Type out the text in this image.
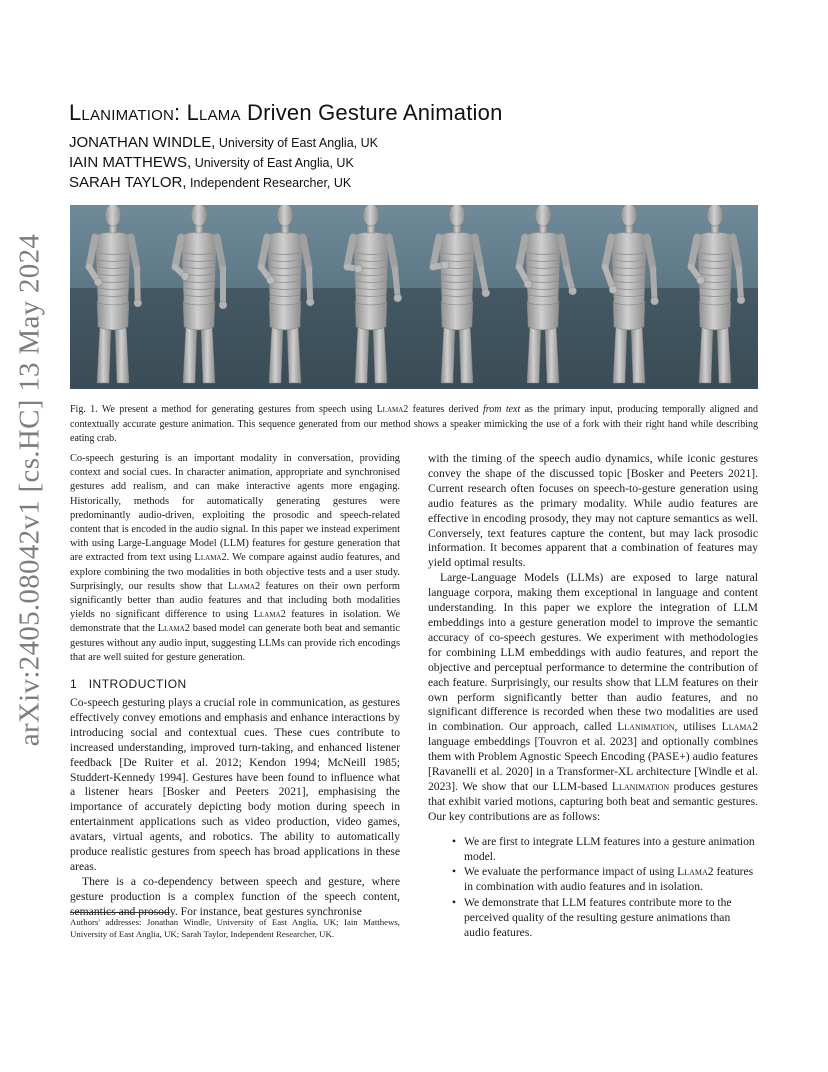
arXiv:2405.08042v1 [cs.HC] 13 May 2024
Llanimation: Llama Driven Gesture Animation
JONATHAN WINDLE, University of East Anglia, UK
IAIN MATTHEWS, University of East Anglia, UK
SARAH TAYLOR, Independent Researcher, UK
Fig. 1. We present a method for generating gestures from speech using Llama2 features derived from text as the primary input, producing temporally aligned and contextually accurate gesture animation. This sequence generated from our method shows a speaker mimicking the use of a fork with their right hand while describing eating crab.

Co-speech gesturing is an important modality in conversation, providing context and social cues. In character animation, appropriate and synchronised gestures add realism, and can make interactive agents more engaging. Historically, methods for automatically generating gestures were predominantly audio-driven, exploiting the prosodic and speech-related content that is encoded in the audio signal. In this paper we instead experiment with using Large-Language Model (LLM) features for gesture generation that are extracted from text using Llama2. We compare against audio features, and explore combining the two modalities in both objective tests and a user study. Surprisingly, our results show that Llama2 features on their own perform significantly better than audio features and that including both modalities yields no significant difference to using Llama2 features in isolation. We demonstrate that the Llama2 based model can generate both beat and semantic gestures without any audio input, suggesting LLMs can provide rich encodings that are well suited for gesture generation.

1 INTRODUCTION

Co-speech gesturing plays a crucial role in communication, as gestures effectively convey emotions and emphasis and enhance interactions by introducing social and contextual cues. These cues contribute to increased understanding, improved turn-taking, and enhanced listener feedback [De Ruiter et al. 2012; Kendon 1994; McNeill 1985; Studdert-Kennedy 1994]. Gestures have been found to influence what a listener hears [Bosker and Peeters 2021], emphasising the importance of accurately depicting body motion during speech in entertainment applications such as video production, video games, avatars, virtual agents, and robotics. The ability to automatically produce realistic gestures from speech has broad applications in these areas.

There is a co-dependency between speech and gesture, where gesture production is a complex function of the speech content, semantics and prosody. For instance, beat gestures synchronise

Authors' addresses: Jonathan Windle, University of East Anglia, UK; Iain Matthews, University of East Anglia, UK; Sarah Taylor, Independent Researcher, UK.

with the timing of the speech audio dynamics, while iconic gestures convey the shape of the discussed topic [Bosker and Peeters 2021]. Current research often focuses on speech-to-gesture generation using audio features as the primary modality. While audio features are effective in encoding prosody, they may not capture semantics as well. Conversely, text features capture the content, but may lack prosodic information. It becomes apparent that a combination of features may yield optimal results.

Large-Language Models (LLMs) are exposed to large natural language corpora, making them exceptional in language and content understanding. In this paper we explore the integration of LLM embeddings into a gesture generation model to improve the semantic accuracy of co-speech gestures. We experiment with methodologies for combining LLM embeddings with audio features, and report the objective and perceptual performance to determine the contribution of each feature. Surprisingly, our results show that LLM features on their own perform significantly better than audio features, and no significant difference is recorded when these two modalities are used in combination. Our approach, called Llanimation, utilises Llama2 language embeddings [Touvron et al. 2023] and optionally combines them with Problem Agnostic Speech Encoding (PASE+) audio features [Ravanelli et al. 2020] in a Transformer-XL architecture [Windle et al. 2023]. We show that our LLM-based Llanimation produces gestures that exhibit varied motions, capturing both beat and semantic gestures. Our key contributions are as follows:

• We are first to integrate LLM features into a gesture animation model.
• We evaluate the performance impact of using Llama2 features in combination with audio features and in isolation.
• We demonstrate that LLM features contribute more to the perceived quality of the resulting gesture animations than audio features.
